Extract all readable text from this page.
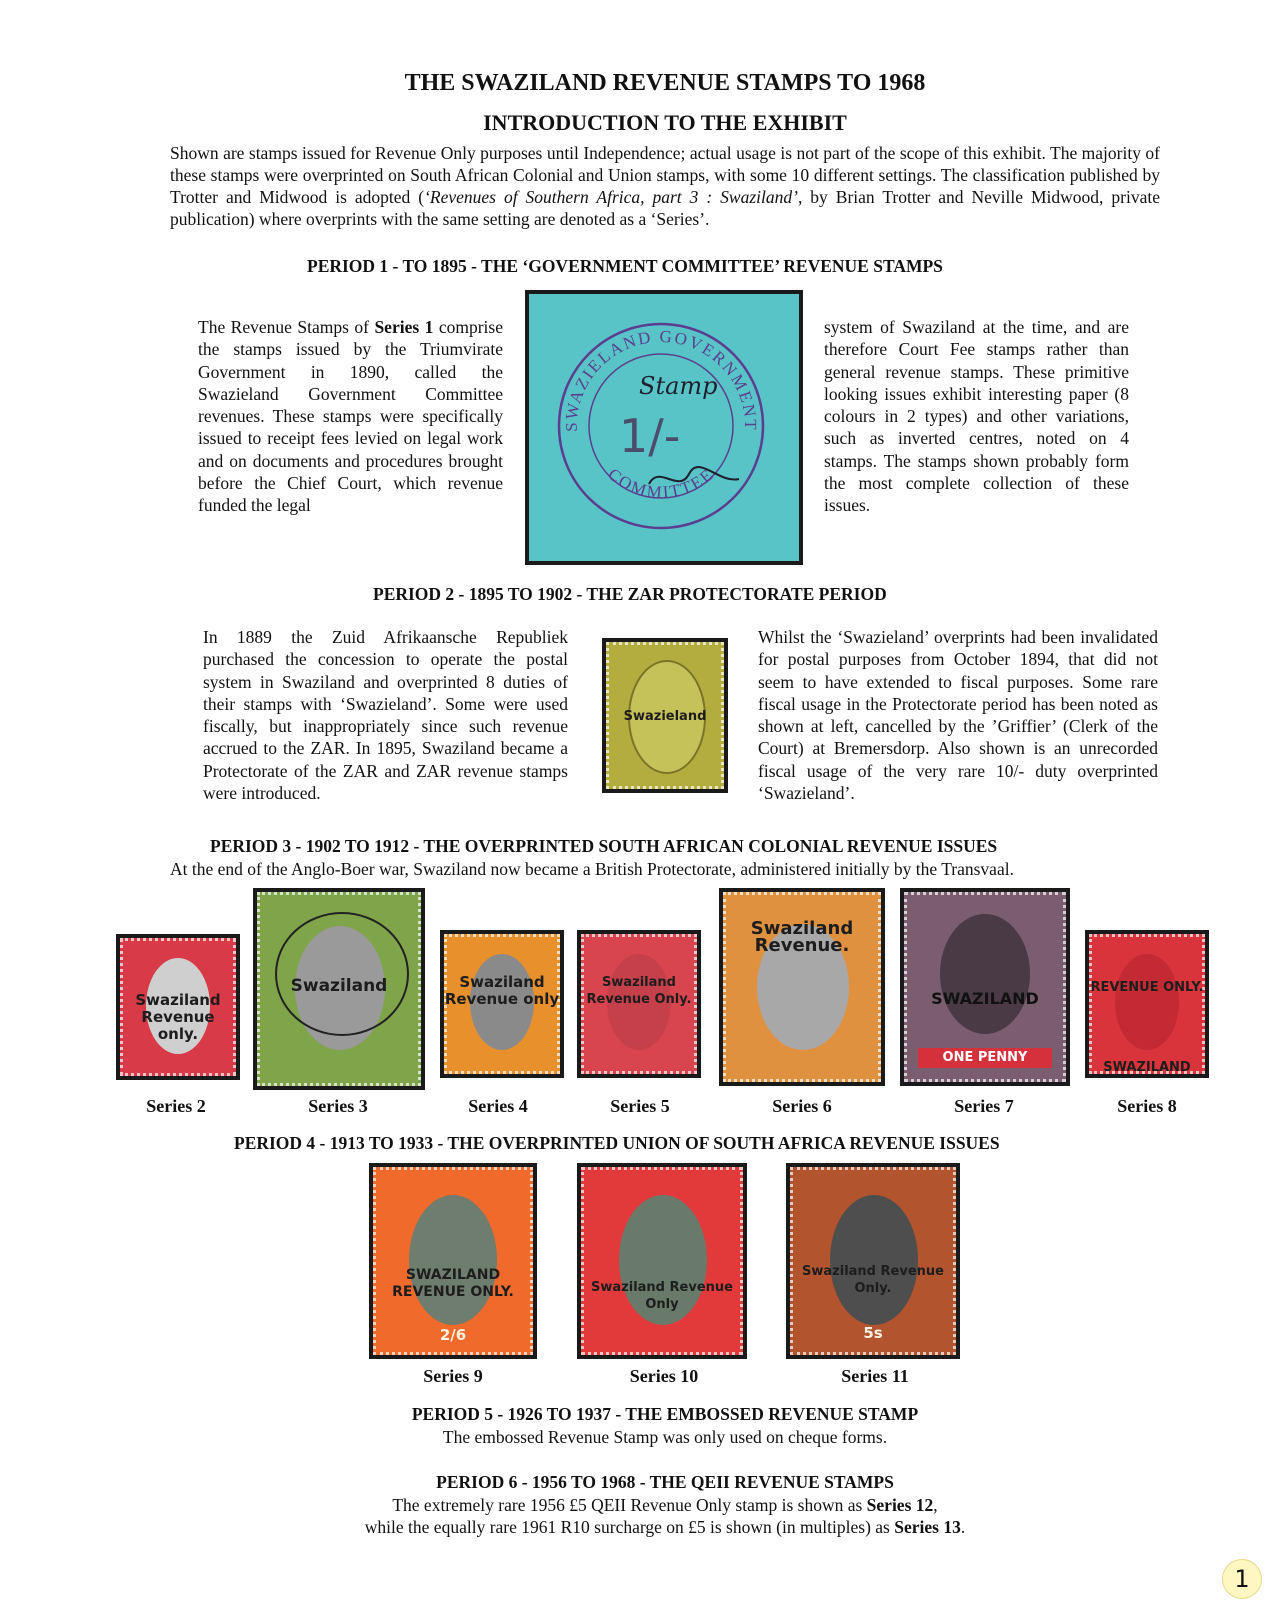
THE SWAZILAND REVENUE STAMPS TO 1968
INTRODUCTION TO THE EXHIBIT
Shown are stamps issued for Revenue Only purposes until Independence; actual usage is not part of the scope of this exhibit. The majority of these stamps were overprinted on South African Colonial and Union stamps, with some 10 different settings. The classification published by Trotter and Midwood is adopted (‘Revenues of Southern Africa, part 3 : Swaziland’, by Brian Trotter and Neville Midwood, private publication) where overprints with the same setting are denoted as a ‘Series’.
PERIOD 1 - TO 1895 - THE ‘GOVERNMENT COMMITTEE’ REVENUE STAMPS
The Revenue Stamps of Series 1 comprise the stamps issued by the Triumvirate Government in 1890, called the Swazieland Government Committee revenues. These stamps were specifically issued to receipt fees levied on legal work and on documents and procedures brought before the Chief Court, which revenue funded the legal
SWAZIELAND GOVERNMENT
COMMITTEE
Stamp
1/-
system of Swaziland at the time, and are therefore Court Fee stamps rather than general revenue stamps. These primitive looking issues exhibit interesting paper (8 colours in 2 types) and other variations, such as inverted centres, noted on 4 stamps. The stamps shown probably form the most complete collection of these issues.
PERIOD 2 - 1895 TO 1902 - THE ZAR PROTECTORATE PERIOD
In 1889 the Zuid Afrikaansche Republiek purchased the concession to operate the postal system in Swaziland and overprinted 8 duties of their stamps with ‘Swazieland’. Some were used fiscally, but inappropriately since such revenue accrued to the ZAR. In 1895, Swaziland became a Protectorate of the ZAR and ZAR revenue stamps were introduced.
Swazieland
Whilst the ‘Swazieland’ overprints had been invalidated for postal purposes from October 1894, that did not seem to have extended to fiscal purposes. Some rare fiscal usage in the Protectorate period has been noted as shown at left, cancelled by the ’Griffier’ (Clerk of the Court) at Bremersdorp. Also shown is an unrecorded fiscal usage of the very rare 10/- duty overprinted ‘Swazieland’.
PERIOD 3 - 1902 TO 1912 - THE OVERPRINTED SOUTH AFRICAN COLONIAL REVENUE ISSUES
At the end of the Anglo-Boer war, Swaziland now became a British Protectorate, administered initially by the Transvaal.
Swaziland Revenue only.
Series 2
Swaziland
Series 3
Swaziland Revenue only
Series 4
Swaziland Revenue Only.
Series 5
Swaziland Revenue.
Series 6
SWAZILAND
ONE PENNY
Series 7
REVENUE ONLY. SWAZILAND
Series 8
PERIOD 4 - 1913 TO 1933 - THE OVERPRINTED UNION OF SOUTH AFRICA REVENUE ISSUES
SWAZILAND REVENUE ONLY.
2/6
Series 9
Swaziland Revenue Only
Series 10
Swaziland Revenue Only.
5s
Series 11
PERIOD 5 - 1926 TO 1937 - THE EMBOSSED REVENUE STAMP
The embossed Revenue Stamp was only used on cheque forms.
PERIOD 6 - 1956 TO 1968 - THE QEII REVENUE STAMPS
The extremely rare 1956 £5 QEII Revenue Only stamp is shown as Series 12,
while the equally rare 1961 R10 surcharge on £5 is shown (in multiples) as Series 13.
1
